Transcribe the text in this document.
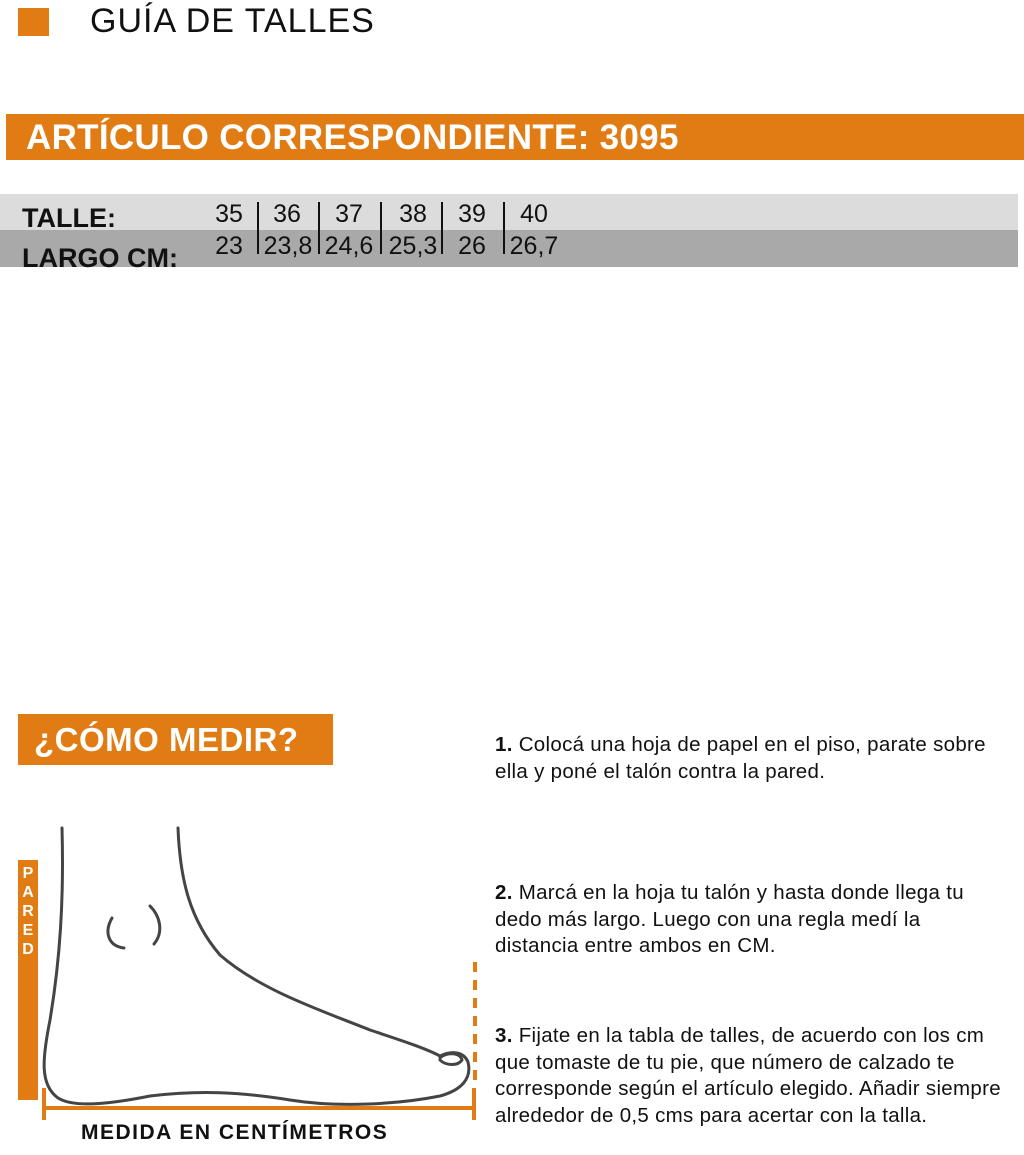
GUÍA DE TALLES
ARTÍCULO CORRESPONDIENTE: 3095
TALLE:
LARGO CM:
35	36	37	38	39	40
23 23,8 24,6 25,3 26 26,7
¿CÓMO MEDIR?	1. Colocá una hoja de papel en el piso, parate sobre ella y poné el talón contra la pared.
2. Marcá en la hoja tu talón y hasta donde llega tu dedo más largo. Luego con una regla medí la distancia entre ambos en CM.
3. Fijate en la tabla de talles, de acuerdo con los cm que tomaste de tu pie, que número de calzado te corresponde según el artículo elegido. Añadir siempre alrededor de 0,5 cms para acertar con la talla.
P
A
R
E
D
MEDIDA EN CENTÍMETROS
